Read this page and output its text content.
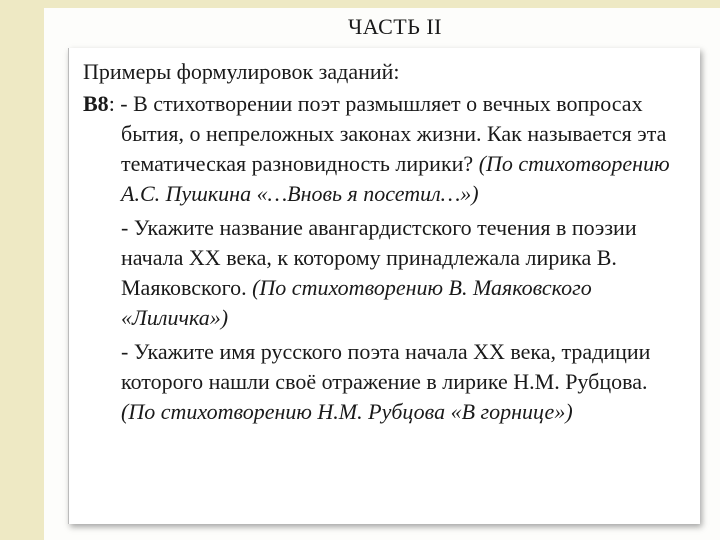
ЧАСТЬ II

Примеры формулировок заданий:

В8: - В стихотворении поэт размышляет о вечных вопросах бытия, о непреложных законах жизни. Как называется эта тематическая разновидность лирики? (По стихотворению А.С. Пушкина «…Вновь я посетил…»)

- Укажите название авангардистского течения в поэзии начала XX века, к которому принадлежала лирика В. Маяковского. (По стихотворению В. Маяковского «Лиличка»)

- Укажите имя русского поэта начала XX века, традиции которого нашли своё отражение в лирике Н.М. Рубцова. (По стихотворению Н.М. Рубцова «В горнице»)
